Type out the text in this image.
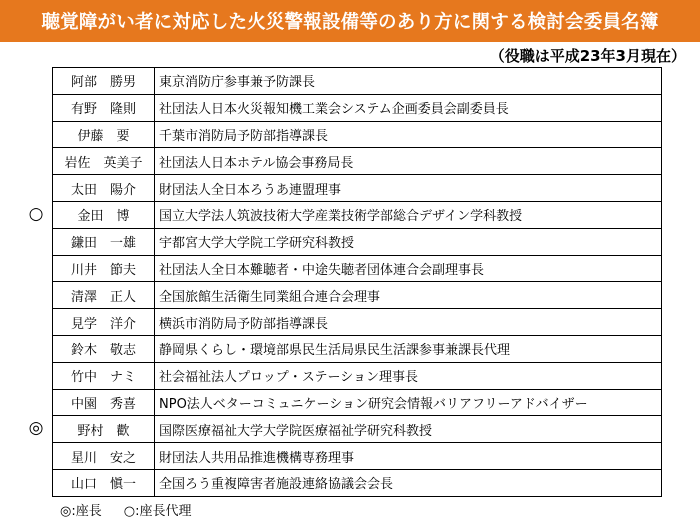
聴覚障がい者に対応した火災警報設備等のあり方に関する検討会委員名簿
（役職は平成23年3月現在）
○
◎
阿部　勝男	東京消防庁参事兼予防課長
有野　隆則	社団法人日本火災報知機工業会システム企画委員会副委員長
伊藤　要	千葉市消防局予防部指導課長
岩佐　英美子	社団法人日本ホテル協会事務局長
太田　陽介	財団法人全日本ろうあ連盟理事
金田　博	国立大学法人筑波技術大学産業技術学部総合デザイン学科教授
鎌田　一雄	宇都宮大学大学院工学研究科教授
川井　節夫	社団法人全日本難聴者・中途失聴者団体連合会副理事長
清澤　正人	全国旅館生活衛生同業組合連合会理事
見学　洋介	横浜市消防局予防部指導課長
鈴木　敬志	静岡県くらし・環境部県民生活局県民生活課参事兼課長代理
竹中　ナミ	社会福祉法人プロップ・ステーション理事長
中園　秀喜	NPO法人ベターコミュニケーション研究会情報バリアフリーアドバイザー
野村　歡	国際医療福祉大学大学院医療福祉学研究科教授
星川　安之	財団法人共用品推進機構専務理事
山口　愼一	全国ろう重複障害者施設連絡協議会会長
◎:座長 ○:座長代理
